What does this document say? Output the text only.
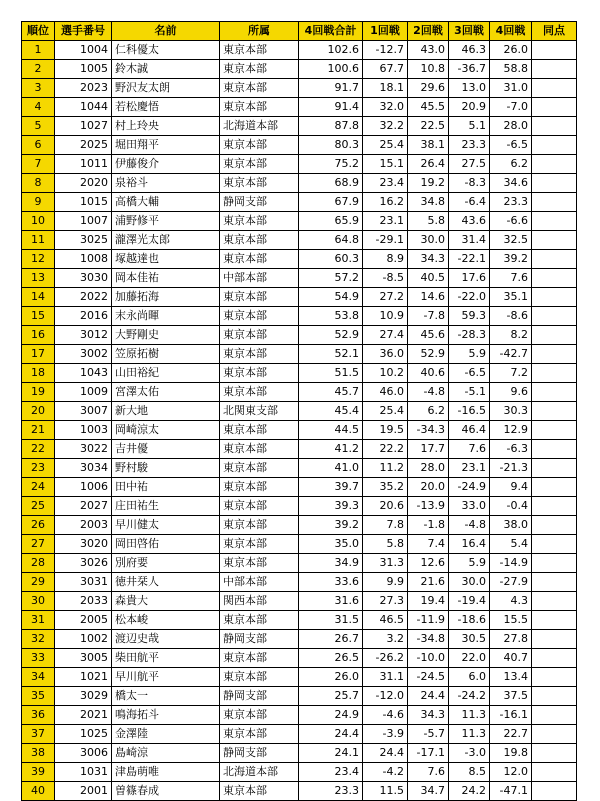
順位	選手番号	名前	所属	4回戦合計	1回戦	2回戦	3回戦	4回戦	同点
1	1004	仁科優太	東京本部	102.6	-12.7	43.0	46.3	26.0	
2	1005	鈴木誠	東京本部	100.6	67.7	10.8	-36.7	58.8	
3	2023	野沢友太朗	東京本部	91.7	18.1	29.6	13.0	31.0	
4	1044	若松慶悟	東京本部	91.4	32.0	45.5	20.9	-7.0	
5	1027	村上玲央	北海道本部	87.8	32.2	22.5	5.1	28.0	
6	2025	堀田翔平	東京本部	80.3	25.4	38.1	23.3	-6.5	
7	1011	伊藤俊介	東京本部	75.2	15.1	26.4	27.5	6.2	
8	2020	泉裕斗	東京本部	68.9	23.4	19.2	-8.3	34.6	
9	1015	高橋大輔	静岡支部	67.9	16.2	34.8	-6.4	23.3	
10	1007	浦野修平	東京本部	65.9	23.1	5.8	43.6	-6.6	
11	3025	瀧澤光太郎	東京本部	64.8	-29.1	30.0	31.4	32.5	
12	1008	塚越達也	東京本部	60.3	8.9	34.3	-22.1	39.2	
13	3030	岡本佳祐	中部本部	57.2	-8.5	40.5	17.6	7.6	
14	2022	加藤拓海	東京本部	54.9	27.2	14.6	-22.0	35.1	
15	2016	末永尚暉	東京本部	53.8	10.9	-7.8	59.3	-8.6	
16	3012	大野剛史	東京本部	52.9	27.4	45.6	-28.3	8.2	
17	3002	笠原拓樹	東京本部	52.1	36.0	52.9	5.9	-42.7	
18	1043	山田裕紀	東京本部	51.5	10.2	40.6	-6.5	7.2	
19	1009	宮澤太佑	東京本部	45.7	46.0	-4.8	-5.1	9.6	
20	3007	新大地	北関東支部	45.4	25.4	6.2	-16.5	30.3	
21	1003	岡崎涼太	東京本部	44.5	19.5	-34.3	46.4	12.9	
22	3022	吉井優	東京本部	41.2	22.2	17.7	7.6	-6.3	
23	3034	野村駿	東京本部	41.0	11.2	28.0	23.1	-21.3	
24	1006	田中祐	東京本部	39.7	35.2	20.0	-24.9	9.4	
25	2027	庄田祐生	東京本部	39.3	20.6	-13.9	33.0	-0.4	
26	2003	早川健太	東京本部	39.2	7.8	-1.8	-4.8	38.0	
27	3020	岡田啓佑	東京本部	35.0	5.8	7.4	16.4	5.4	
28	3026	別府要	東京本部	34.9	31.3	12.6	5.9	-14.9	
29	3031	徳井栞人	中部本部	33.6	9.9	21.6	30.0	-27.9	
30	2033	森貴大	関西本部	31.6	27.3	19.4	-19.4	4.3	
31	2005	松本峻	東京本部	31.5	46.5	-11.9	-18.6	15.5	
32	1002	渡辺史哉	静岡支部	26.7	3.2	-34.8	30.5	27.8	
33	3005	柴田航平	東京本部	26.5	-26.2	-10.0	22.0	40.7	
34	1021	早川航平	東京本部	26.0	31.1	-24.5	6.0	13.4	
35	3029	橋太一	静岡支部	25.7	-12.0	24.4	-24.2	37.5	
36	2021	鳴海拓斗	東京本部	24.9	-4.6	34.3	11.3	-16.1	
37	1025	金澤陸	東京本部	24.4	-3.9	-5.7	11.3	22.7	
38	3006	島崎涼	静岡支部	24.1	24.4	-17.1	-3.0	19.8	
39	1031	津島萌唯	北海道本部	23.4	-4.2	7.6	8.5	12.0	
40	2001	曽篠春成	東京本部	23.3	11.5	34.7	24.2	-47.1	
